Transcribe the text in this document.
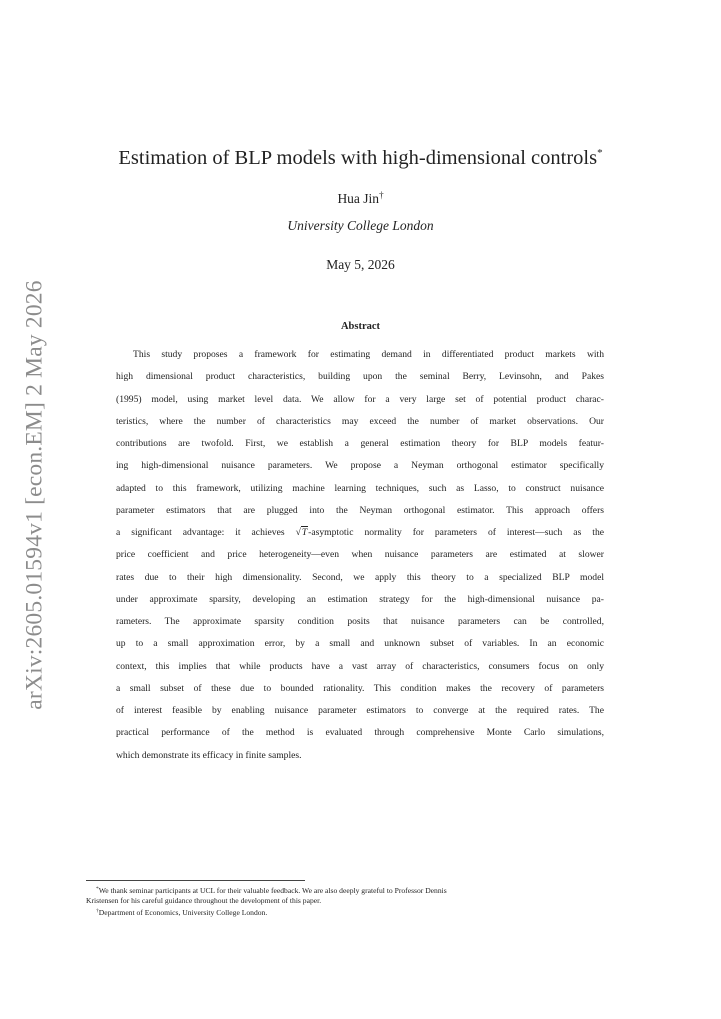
arXiv:2605.01594v1 [econ.EM] 2 May 2026
Estimation of BLP models with high-dimensional controls*
Hua Jin†
University College London
May 5, 2026
Abstract
This study proposes a framework for estimating demand in differentiated product markets with
high dimensional product characteristics, building upon the seminal Berry, Levinsohn, and Pakes
(1995) model, using market level data. We allow for a very large set of potential product charac-
teristics, where the number of characteristics may exceed the number of market observations. Our
contributions are twofold. First, we establish a general estimation theory for BLP models featur-
ing high-dimensional nuisance parameters. We propose a Neyman orthogonal estimator specifically
adapted to this framework, utilizing machine learning techniques, such as Lasso, to construct nuisance
parameter estimators that are plugged into the Neyman orthogonal estimator. This approach offers
a significant advantage: it achieves √T-asymptotic normality for parameters of interest—such as the
price coefficient and price heterogeneity—even when nuisance parameters are estimated at slower
rates due to their high dimensionality. Second, we apply this theory to a specialized BLP model
under approximate sparsity, developing an estimation strategy for the high-dimensional nuisance pa-
rameters. The approximate sparsity condition posits that nuisance parameters can be controlled,
up to a small approximation error, by a small and unknown subset of variables. In an economic
context, this implies that while products have a vast array of characteristics, consumers focus on only
a small subset of these due to bounded rationality. This condition makes the recovery of parameters
of interest feasible by enabling nuisance parameter estimators to converge at the required rates. The
practical performance of the method is evaluated through comprehensive Monte Carlo simulations,
which demonstrate its efficacy in finite samples.
*We thank seminar participants at UCL for their valuable feedback. We are also deeply grateful to Professor Dennis
Kristensen for his careful guidance throughout the development of this paper.
†Department of Economics, University College London.
